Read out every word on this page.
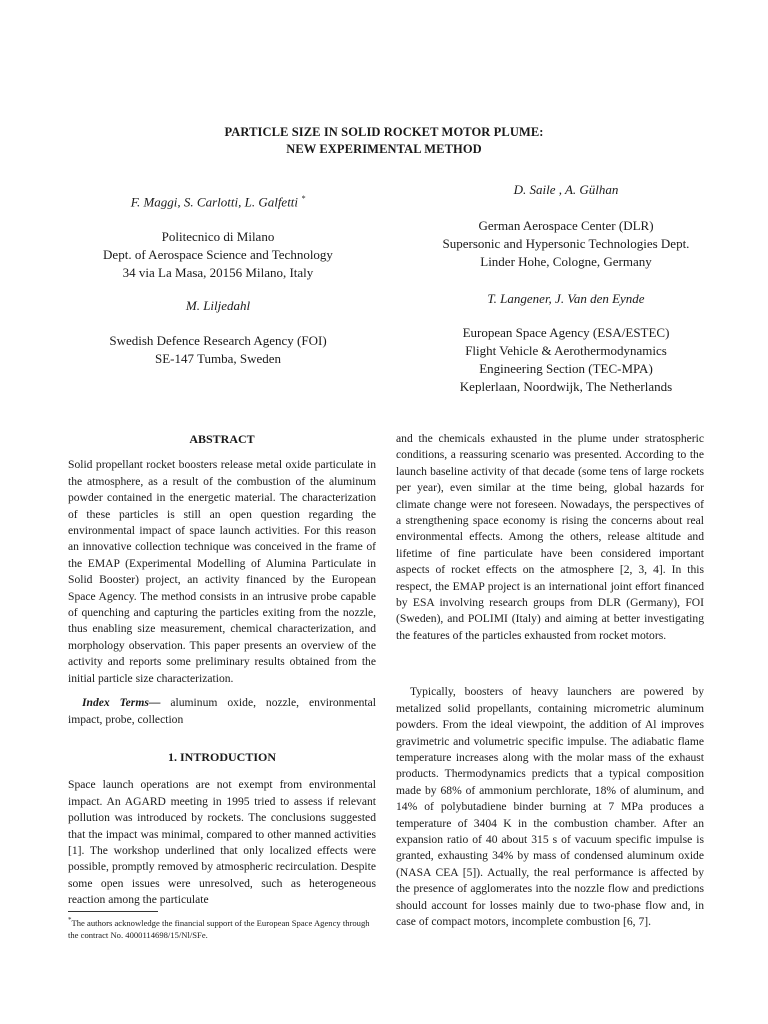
PARTICLE SIZE IN SOLID ROCKET MOTOR PLUME:
NEW EXPERIMENTAL METHOD
F. Maggi, S. Carlotti, L. Galfetti *
Politecnico di Milano
Dept. of Aerospace Science and Technology
34 via La Masa, 20156 Milano, Italy
M. Liljedahl
Swedish Defence Research Agency (FOI)
SE-147 Tumba, Sweden
D. Saile , A. Gülhan
German Aerospace Center (DLR)
Supersonic and Hypersonic Technologies Dept.
Linder Hohe, Cologne, Germany
T. Langener, J. Van den Eynde
European Space Agency (ESA/ESTEC)
Flight Vehicle & Aerothermodynamics
Engineering Section (TEC-MPA)
Keplerlaan, Noordwijk, The Netherlands
ABSTRACT

Solid propellant rocket boosters release metal oxide particulate in the atmosphere, as a result of the combustion of the aluminum powder contained in the energetic material. The characterization of these particles is still an open question regarding the environmental impact of space launch activities. For this reason an innovative collection technique was conceived in the frame of the EMAP (Experimental Modelling of Alumina Particulate in Solid Booster) project, an activity financed by the European Space Agency. The method consists in an intrusive probe capable of quenching and capturing the particles exiting from the nozzle, thus enabling size measurement, chemical characterization, and morphology observation. This paper presents an overview of the activity and reports some preliminary results obtained from the initial particle size characterization.

Index Terms— aluminum oxide, nozzle, environmental impact, probe, collection

1. INTRODUCTION

Space launch operations are not exempt from environmental impact. An AGARD meeting in 1995 tried to assess if relevant pollution was introduced by rockets. The conclusions suggested that the impact was minimal, compared to other manned activities [1]. The workshop underlined that only localized effects were possible, promptly removed by atmospheric recirculation. Despite some open issues were unresolved, such as heterogeneous reaction among the particulate

*The authors acknowledge the financial support of the European Space Agency through the contract No. 4000114698/15/Nl/SFe.

and the chemicals exhausted in the plume under stratospheric conditions, a reassuring scenario was presented. According to the launch baseline activity of that decade (some tens of large rockets per year), even similar at the time being, global hazards for climate change were not foreseen. Nowadays, the perspectives of a strengthening space economy is rising the concerns about real environmental effects. Among the others, release altitude and lifetime of fine particulate have been considered important aspects of rocket effects on the atmosphere [2, 3, 4]. In this respect, the EMAP project is an international joint effort financed by ESA involving research groups from DLR (Germany), FOI (Sweden), and POLIMI (Italy) and aiming at better investigating the features of the particles exhausted from rocket motors.

Typically, boosters of heavy launchers are powered by metalized solid propellants, containing micrometric aluminum powders. From the ideal viewpoint, the addition of Al improves gravimetric and volumetric specific impulse. The adiabatic flame temperature increases along with the molar mass of the exhaust products. Thermodynamics predicts that a typical composition made by 68% of ammonium perchlorate, 18% of aluminum, and 14% of polybutadiene binder burning at 7 MPa produces a temperature of 3404 K in the combustion chamber. After an expansion ratio of 40 about 315 s of vacuum specific impulse is granted, exhausting 34% by mass of condensed aluminum oxide (NASA CEA [5]). Actually, the real performance is affected by the presence of agglomerates into the nozzle flow and predictions should account for losses mainly due to two-phase flow and, in case of compact motors, incomplete combustion [6, 7].
